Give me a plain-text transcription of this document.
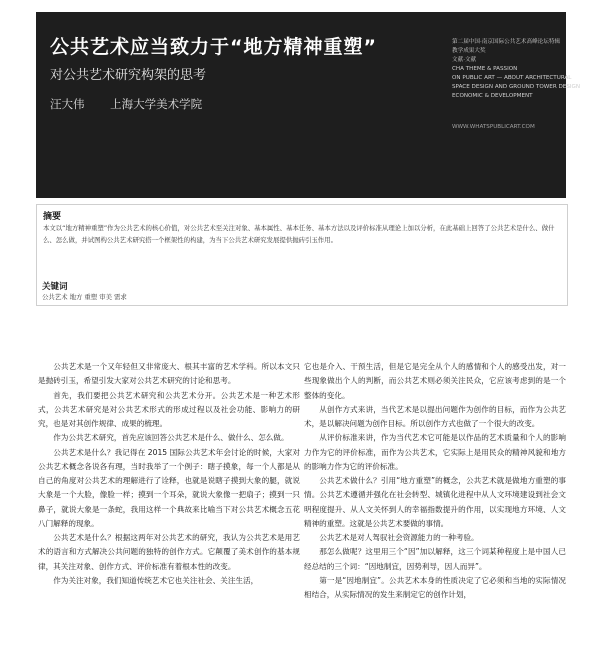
公共艺术应当致力于“地方精神重塑”
对公共艺术研究构架的思考
汪大伟 上海大学美术学院
第二届中国·南京国际公共艺术高峰论坛特辑
教学成果大奖
文献·文献
CHA THEME & PASSION
ON PUBLIC ART — ABOUT ARCHITECTURAL
SPACE DESIGN AND GROUND TOWER DESIGN
ECONOMIC & DEVELOPMENT
WWW.WHATSPUBLICART.COM
摘要
本文以“地方精神重塑”作为公共艺术的核心价值，对公共艺术至关注对象、基本属性、基本任务、基本方法以及评价标准从理论上加以分析，在此基础上回答了公共艺术是什么、做什么、怎么做，并试图构公共艺术研究搭一个框架性的构建，为当下公共艺术研究发展提供抛砖引玉作用。
关键词
公共艺术 地方 重塑 审美 需求

公共艺术是一个又年轻但又非常庞大、根其丰富的艺术学科。所以本文只是抛砖引玉，希望引发大家对公共艺术研究的讨论和思考。

首先，我们要把公共艺术研究和公共艺术分开。公共艺术是一种艺术形式，公共艺术研究是对公共艺术形式的形成过程以及社会功能、影响力的研究，也是对其创作规律、成果的梳理。

作为公共艺术研究，首先应该回答公共艺术是什么、做什么、怎么做。

公共艺术是什么？我记得在 2015 国际公共艺术年会讨论的时候，大家对公共艺术概念各说各有理，当时我举了一个例子：瞎子摸象，每一个人都是从自己的角度对公共艺术的理解进行了诠释，也就是说瞎子摸到大象的腿，就说大象是一个大脸，像脸一样；摸到一个耳朵，就说大象像一把扇子；摸到一只鼻子，就说大象是一条蛇，我用这样一个典故来比喻当下对公共艺术概念五花八门解释的现象。

公共艺术是什么？根据这两年对公共艺术的研究，我认为公共艺术是用艺术的语言和方式解决公共问题的独特的创作方式。它颠覆了美术创作的基本规律，其关注对象、创作方式、评价标准有着根本性的改变。

作为关注对象，我们知道传统艺术它也关注社会、关注生活，

它也是介入、干预生活，但是它是完全从个人的感情和个人的感受出发，对一些现象做出个人的判断，而公共艺术则必须关注民众，它应该考虑到的是一个整体的变化。

从创作方式来讲，当代艺术是以提出问题作为创作的目标，而作为公共艺术，是以解决问题为创作目标。所以创作方式也做了一个很大的改变。

从评价标准来讲，作为当代艺术它可能是以作品的艺术质量和个人的影响力作为它的评价标准，而作为公共艺术，它实际上是用民众的精神风貌和地方的影响力作为它的评价标准。

公共艺术做什么？引用“地方重塑”的概念，公共艺术就是做地方重塑的事情。公共艺术遵循并强化在社会转型、城镇化进程中从人文环境建设到社会文明程度提升、从人文关怀到人的幸福指数提升的作用，以实现地方环境、人文精神的重塑。这就是公共艺术要做的事情。

公共艺术是对人驾驭社会资源能力的一种考验。

那怎么做呢？这里用三个“因”加以解释，这三个词某种程度上是中国人已经总结的三个词：“因地制宜，因势利导，因人而异”。

第一是“因地制宜”。公共艺术本身的性质决定了它必须和当地的实际情况相结合，从实际情况的发生来制定它的创作计划，
